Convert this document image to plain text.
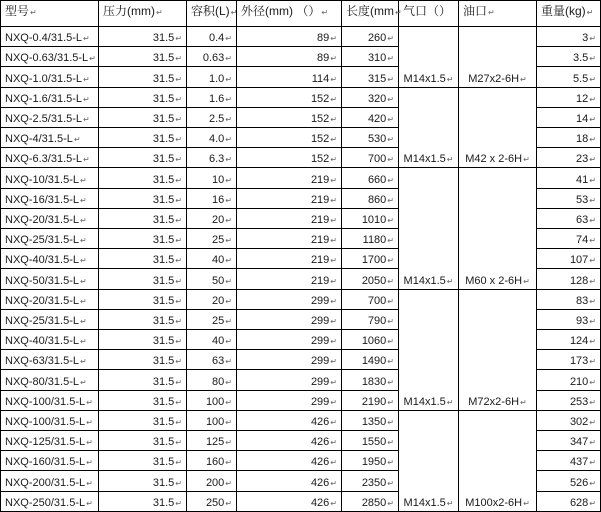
型号↵	压力(mm)↵	容积(L)↵	外径(mm) （）↵	长度(mm↵	气口（）	油口↵	重量(kg)↵
NXQ-0.4/31.5-L↵	31.5↵	0.4↵	89↵	260↵	M14x1.5↵	M27x2-6H↵	3↵
NXQ-0.63/31.5-L↵	31.5↵	0.63↵	89↵	310↵			3.5↵
NXQ-1.0/31.5-L↵	31.5↵	1.0↵	114↵	315↵			5.5↵
NXQ-1.6/31.5-L↵	31.5↵	1.6↵	152↵	320↵	M14x1.5↵	M42 x 2-6H↵	12↵
NXQ-2.5/31.5-L↵	31.5↵	2.5↵	152↵	420↵			14↵
NXQ-4/31.5-L↵	31.5↵	4.0↵	152↵	530↵			18↵
NXQ-6.3/31.5-L↵	31.5↵	6.3↵	152↵	700↵			23↵
NXQ-10/31.5-L↵	31.5↵	10↵	219↵	660↵	M14x1.5↵	M60 x 2-6H↵	41↵
NXQ-16/31.5-L↵	31.5↵	16↵	219↵	860↵			53↵
NXQ-20/31.5-L↵	31.5↵	20↵	219↵	1010↵			63↵
NXQ-25/31.5-L↵	31.5↵	25↵	219↵	1180↵			74↵
NXQ-40/31.5-L↵	31.5↵	40↵	219↵	1700↵			107↵
NXQ-50/31.5-L↵	31.5↵	50↵	219↵	2050↵			128↵
NXQ-20/31.5-L↵	31.5↵	20↵	299↵	700↵	M14x1.5↵	M72x2-6H↵	83↵
NXQ-25/31.5-L↵	31.5↵	25↵	299↵	790↵			93↵
NXQ-40/31.5-L↵	31.5↵	40↵	299↵	1060↵			124↵
NXQ-63/31.5-L↵	31.5↵	63↵	299↵	1490↵			173↵
NXQ-80/31.5-L↵	31.5↵	80↵	299↵	1830↵			210↵
NXQ-100/31.5-L↵	31.5↵	100↵	299↵	2190↵			253↵
NXQ-100/31.5-L↵	31.5↵	100↵	426↵	1350↵	M14x1.5↵	M100x2-6H↵	302↵
NXQ-125/31.5-L↵	31.5↵	125↵	426↵	1550↵			347↵
NXQ-160/31.5-L↵	31.5↵	160↵	426↵	1950↵			437↵
NXQ-200/31.5-L↵	31.5↵	200↵	426↵	2350↵			526↵
NXQ-250/31.5-L↵	31.5↵	250↵	426↵	2850↵			628↵
